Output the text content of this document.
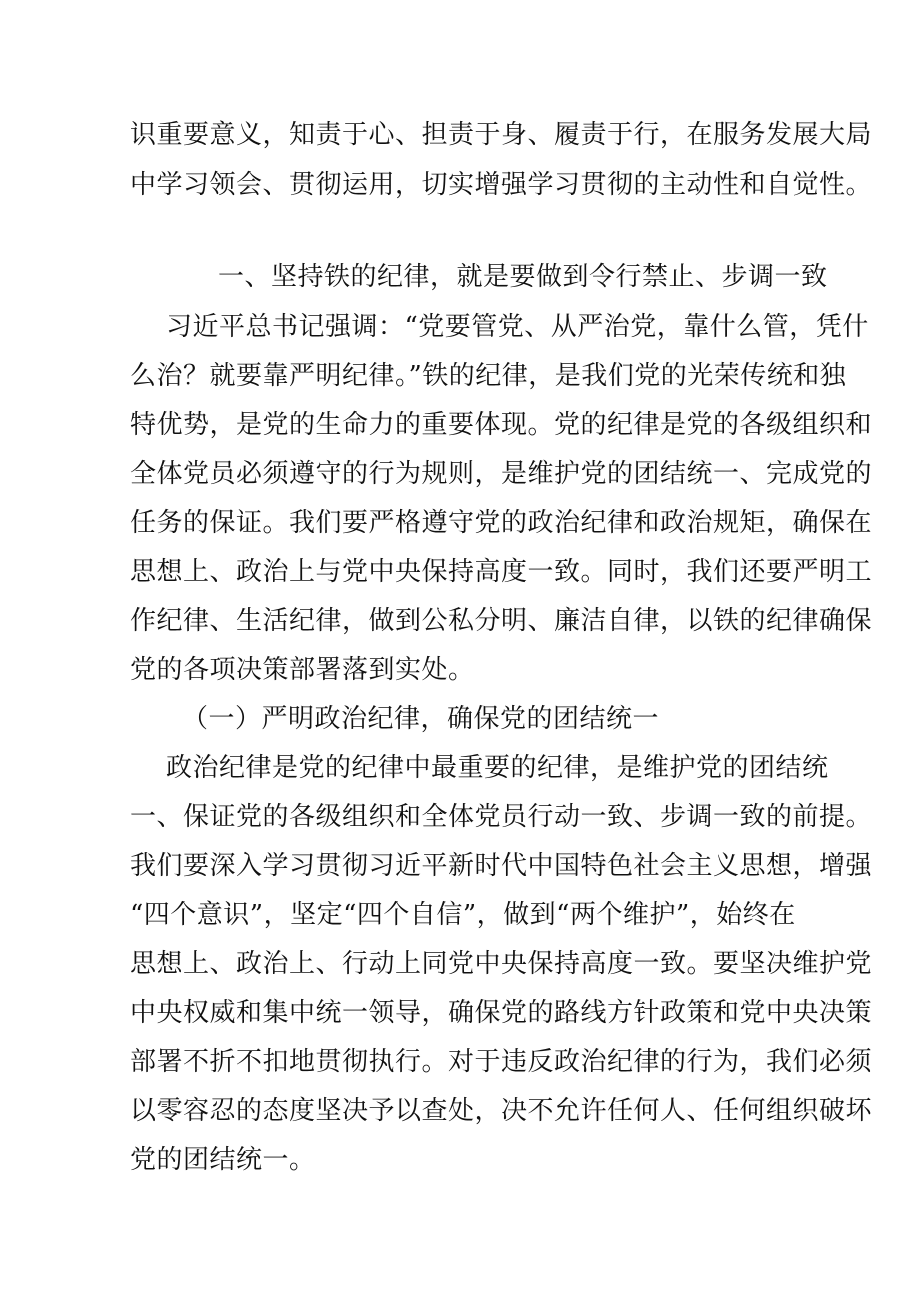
识重要意义，知责于心、担责于身、履责于行，在服务发展大局
中学习领会、贯彻运用，切实增强学习贯彻的主动性和自觉性。
一、坚持铁的纪律，就是要做到令行禁止、步调一致
习近平总书记强调：“党要管党、从严治党，靠什么管，凭什
么治？就要靠严明纪律。”铁的纪律，是我们党的光荣传统和独
特优势，是党的生命力的重要体现。党的纪律是党的各级组织和
全体党员必须遵守的行为规则，是维护党的团结统一、完成党的
任务的保证。我们要严格遵守党的政治纪律和政治规矩，确保在
思想上、政治上与党中央保持高度一致。同时，我们还要严明工
作纪律、生活纪律，做到公私分明、廉洁自律，以铁的纪律确保
党的各项决策部署落到实处。
（一）严明政治纪律，确保党的团结统一
政治纪律是党的纪律中最重要的纪律，是维护党的团结统
一、保证党的各级组织和全体党员行动一致、步调一致的前提。
我们要深入学习贯彻习近平新时代中国特色社会主义思想，增强
“四个意识”，坚定“四个自信”，做到“两个维护”，始终在
思想上、政治上、行动上同党中央保持高度一致。要坚决维护党
中央权威和集中统一领导，确保党的路线方针政策和党中央决策
部署不折不扣地贯彻执行。对于违反政治纪律的行为，我们必须
以零容忍的态度坚决予以查处，决不允许任何人、任何组织破坏
党的团结统一。
